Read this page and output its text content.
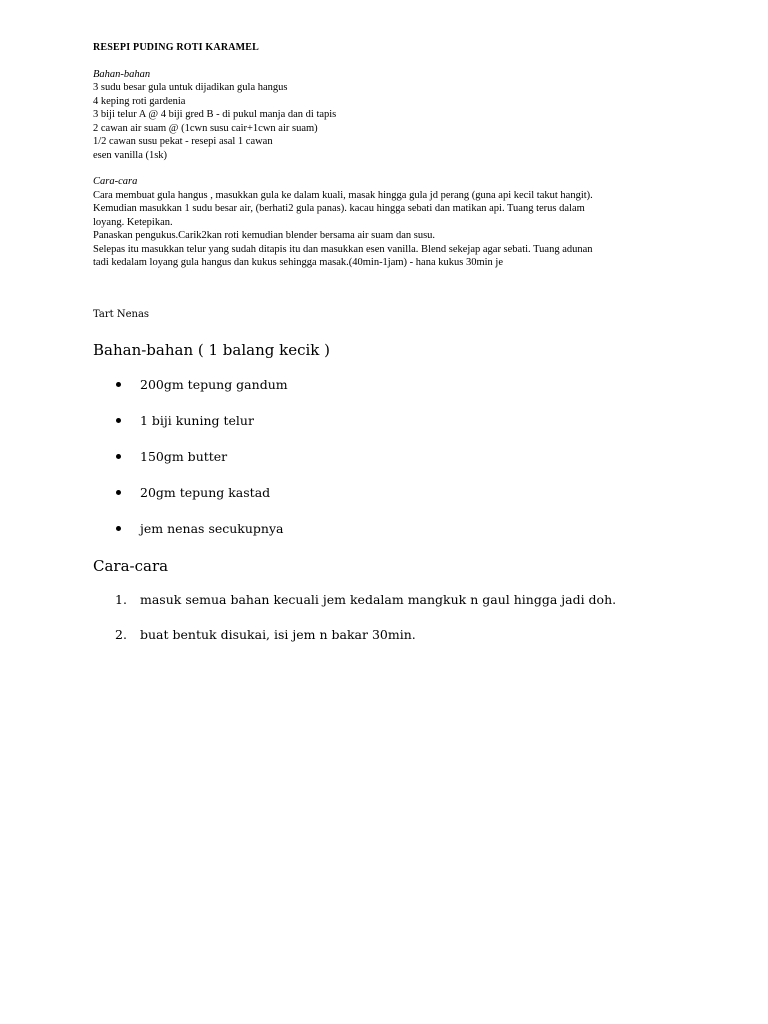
RESEPI PUDING ROTI KARAMEL
Bahan-bahan
3 sudu besar gula untuk dijadikan gula hangus
4 keping roti gardenia
3 biji telur A @ 4 biji gred B - di pukul manja dan di tapis
2 cawan air suam @ (1cwn susu cair+1cwn air suam)
1/2 cawan susu pekat - resepi asal 1 cawan
esen vanilla (1sk)
Cara-cara
Cara membuat gula hangus , masukkan gula ke dalam kuali, masak hingga gula jd perang (guna api kecil takut hangit).
Kemudian masukkan 1 sudu besar air, (berhati2 gula panas). kacau hingga sebati dan matikan api. Tuang terus dalam
loyang. Ketepikan.
Panaskan pengukus.Carik2kan roti kemudian blender bersama air suam dan susu.
Selepas itu masukkan telur yang sudah ditapis itu dan masukkan esen vanilla. Blend sekejap agar sebati. Tuang adunan
tadi kedalam loyang gula hangus dan kukus sehingga masak.(40min-1jam) - hana kukus 30min je
Tart Nenas
Bahan-bahan ( 1 balang kecik )
200gm tepung gandum
1 biji kuning telur
150gm butter
20gm tepung kastad
jem nenas secukupnya
Cara-cara
1. masuk semua bahan kecuali jem kedalam mangkuk n gaul hingga jadi doh.
2. buat bentuk disukai, isi jem n bakar 30min.
